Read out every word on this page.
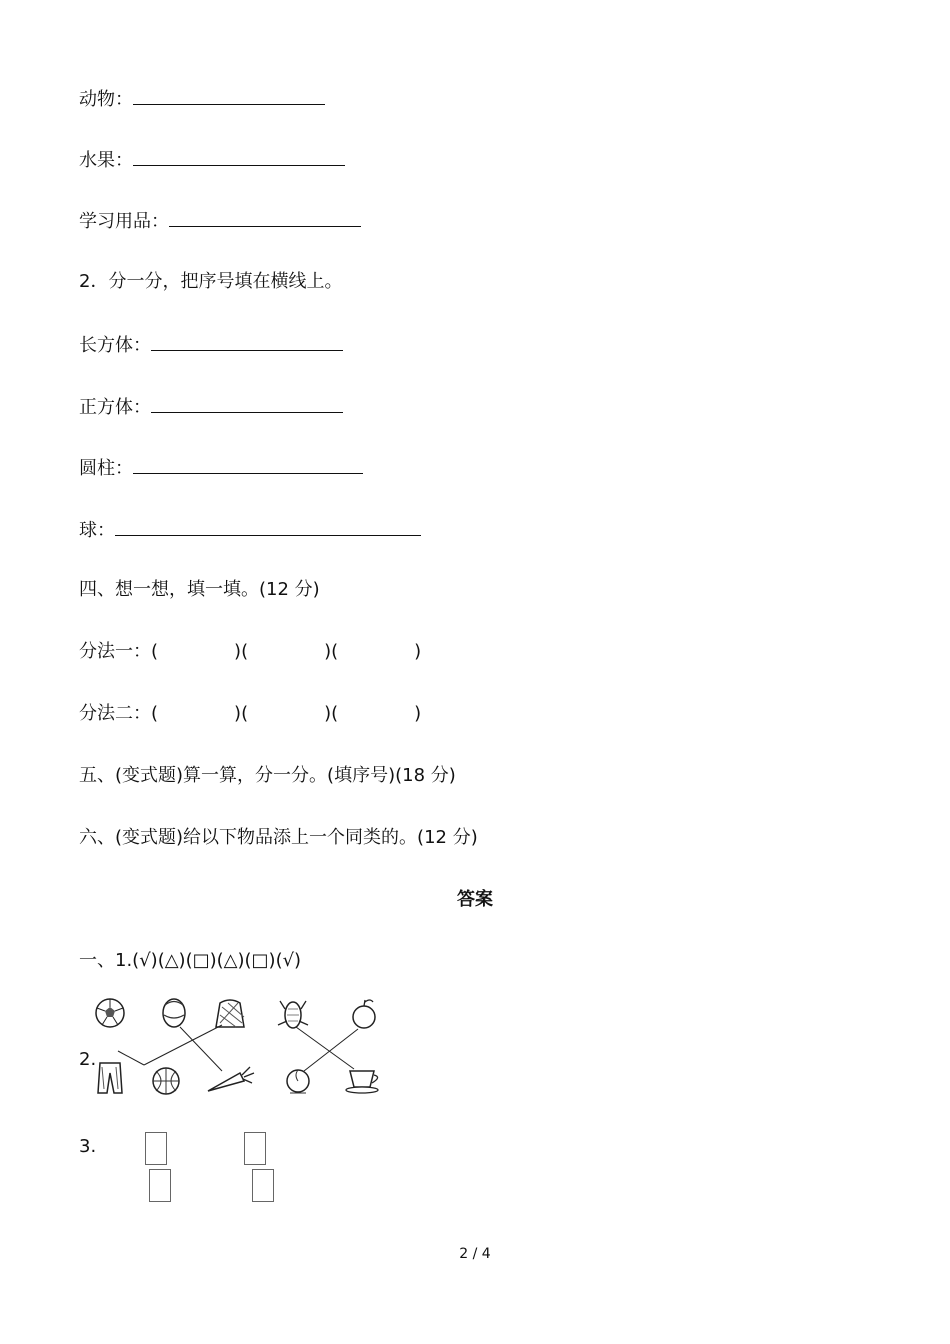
动物：
水果：
学习用品：
2．分一分，把序号填在横线上。
长方体：
正方体：
圆柱：
球：
四、想一想，填一填。(12 分)
分法一：(	)(	)(	)
分法二：(	)(	)(	)
五、(变式题)算一算，分一分。(填序号)(18 分)
六、(变式题)给以下物品添上一个同类的。(12 分)
答案
一、1.(√)(△)(□)(△)(□)(√)
2.
3.
2 / 4
